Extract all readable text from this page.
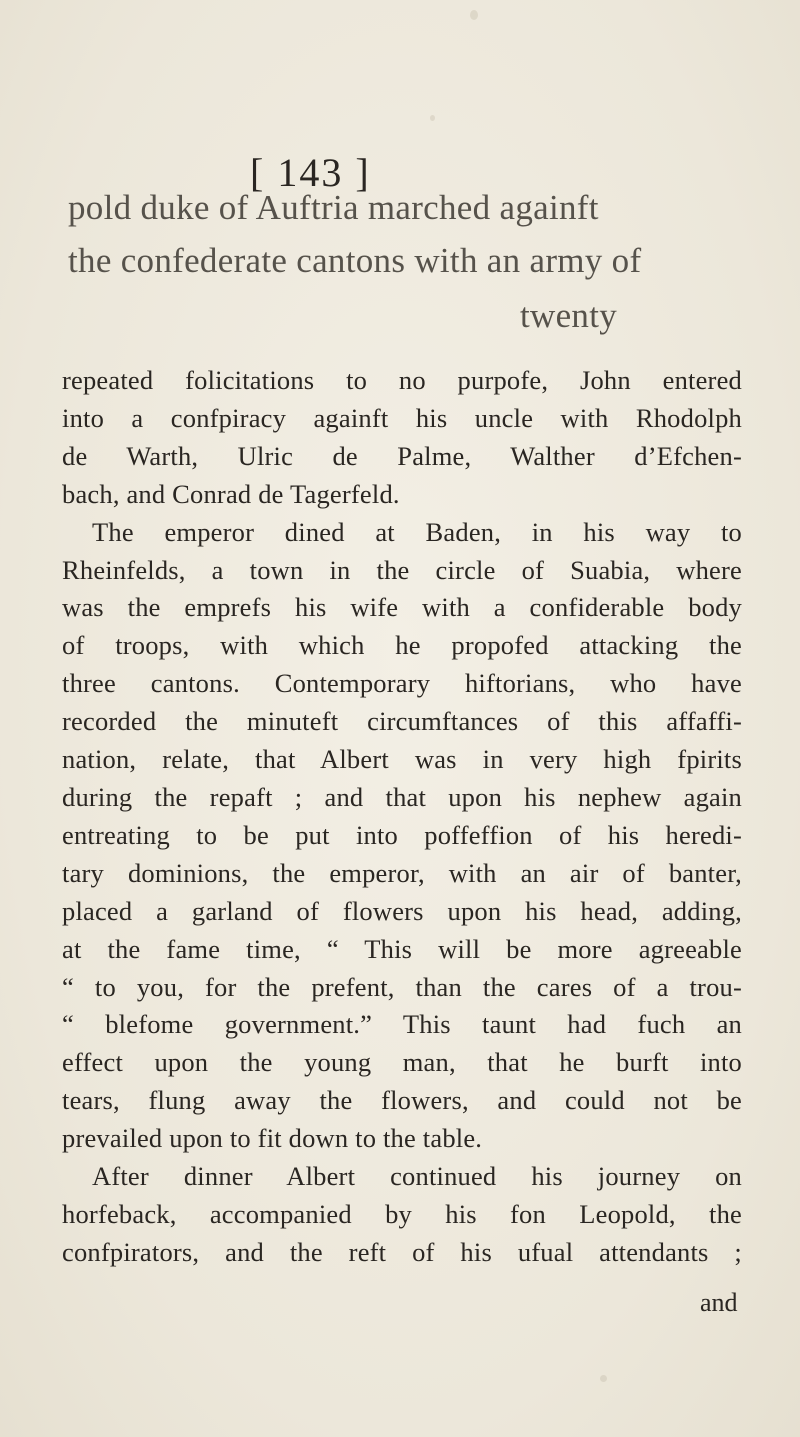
[ 143 ]
pold duke of Auftria marched againft
the confederate cantons with an army of
twenty
repeated folicitations to no purpofe, John entered
into a confpiracy againft his uncle with Rhodolph
de Warth, Ulric de Palme, Walther d’Efchen-
bach, and Conrad de Tagerfeld.
The emperor dined at Baden, in his way to
Rheinfelds, a town in the circle of Suabia, where
was the emprefs his wife with a confiderable body
of troops, with which he propofed attacking the
three cantons. Contemporary hiftorians, who have
recorded the minuteft circumftances of this affaffi-
nation, relate, that Albert was in very high fpirits
during the repaft ; and that upon his nephew again
entreating to be put into poffeffion of his heredi-
tary dominions, the emperor, with an air of banter,
placed a garland of flowers upon his head, adding,
at the fame time, “ This will be more agreeable
“ to you, for the prefent, than the cares of a trou-
“ blefome government.” This taunt had fuch an
effect upon the young man, that he burft into
tears, flung away the flowers, and could not be
prevailed upon to fit down to the table.
After dinner Albert continued his journey on
horfeback, accompanied by his fon Leopold, the
confpirators, and the reft of his ufual attendants ;
and
